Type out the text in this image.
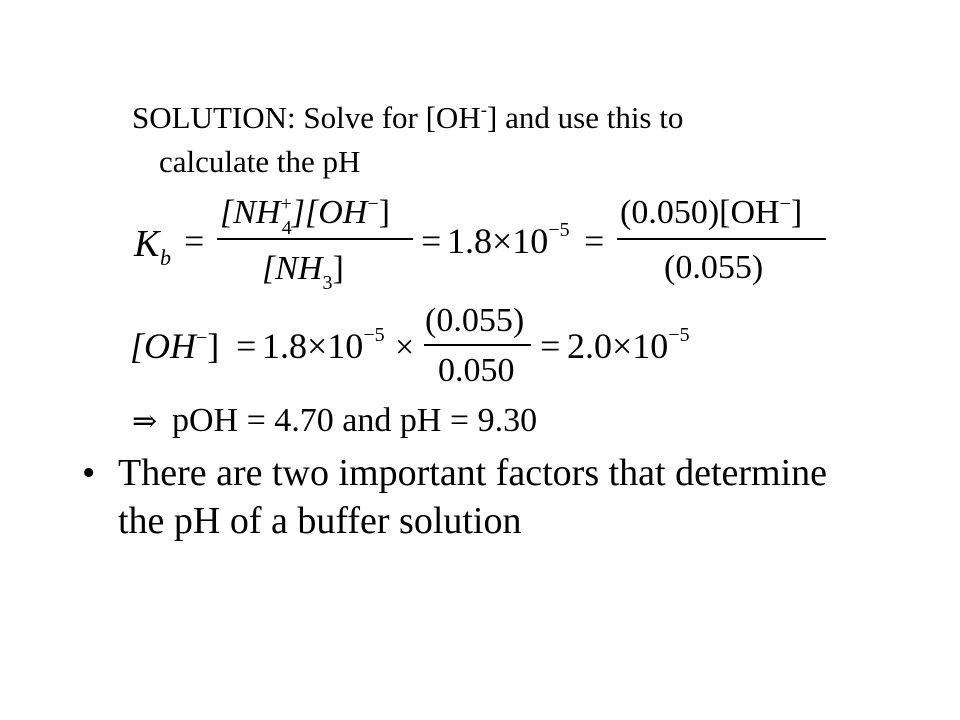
SOLUTION: Solve for [OH-] and use this to
calculate the pH
K b =
[NH+ 4][OH−]
$[NH_3]$
= $1.8\times 10^{-5}$ =
(0.050)[OH−]
(0.055)
$[OH^-] = 1.8\times 10^{-5}$ ×
(0.055)
0.050
= $2.0\times 10^{-5}$
⇒ pOH = 4.70 and pH = 9.30
• There are two important factors that determine the pH of a buffer solution
